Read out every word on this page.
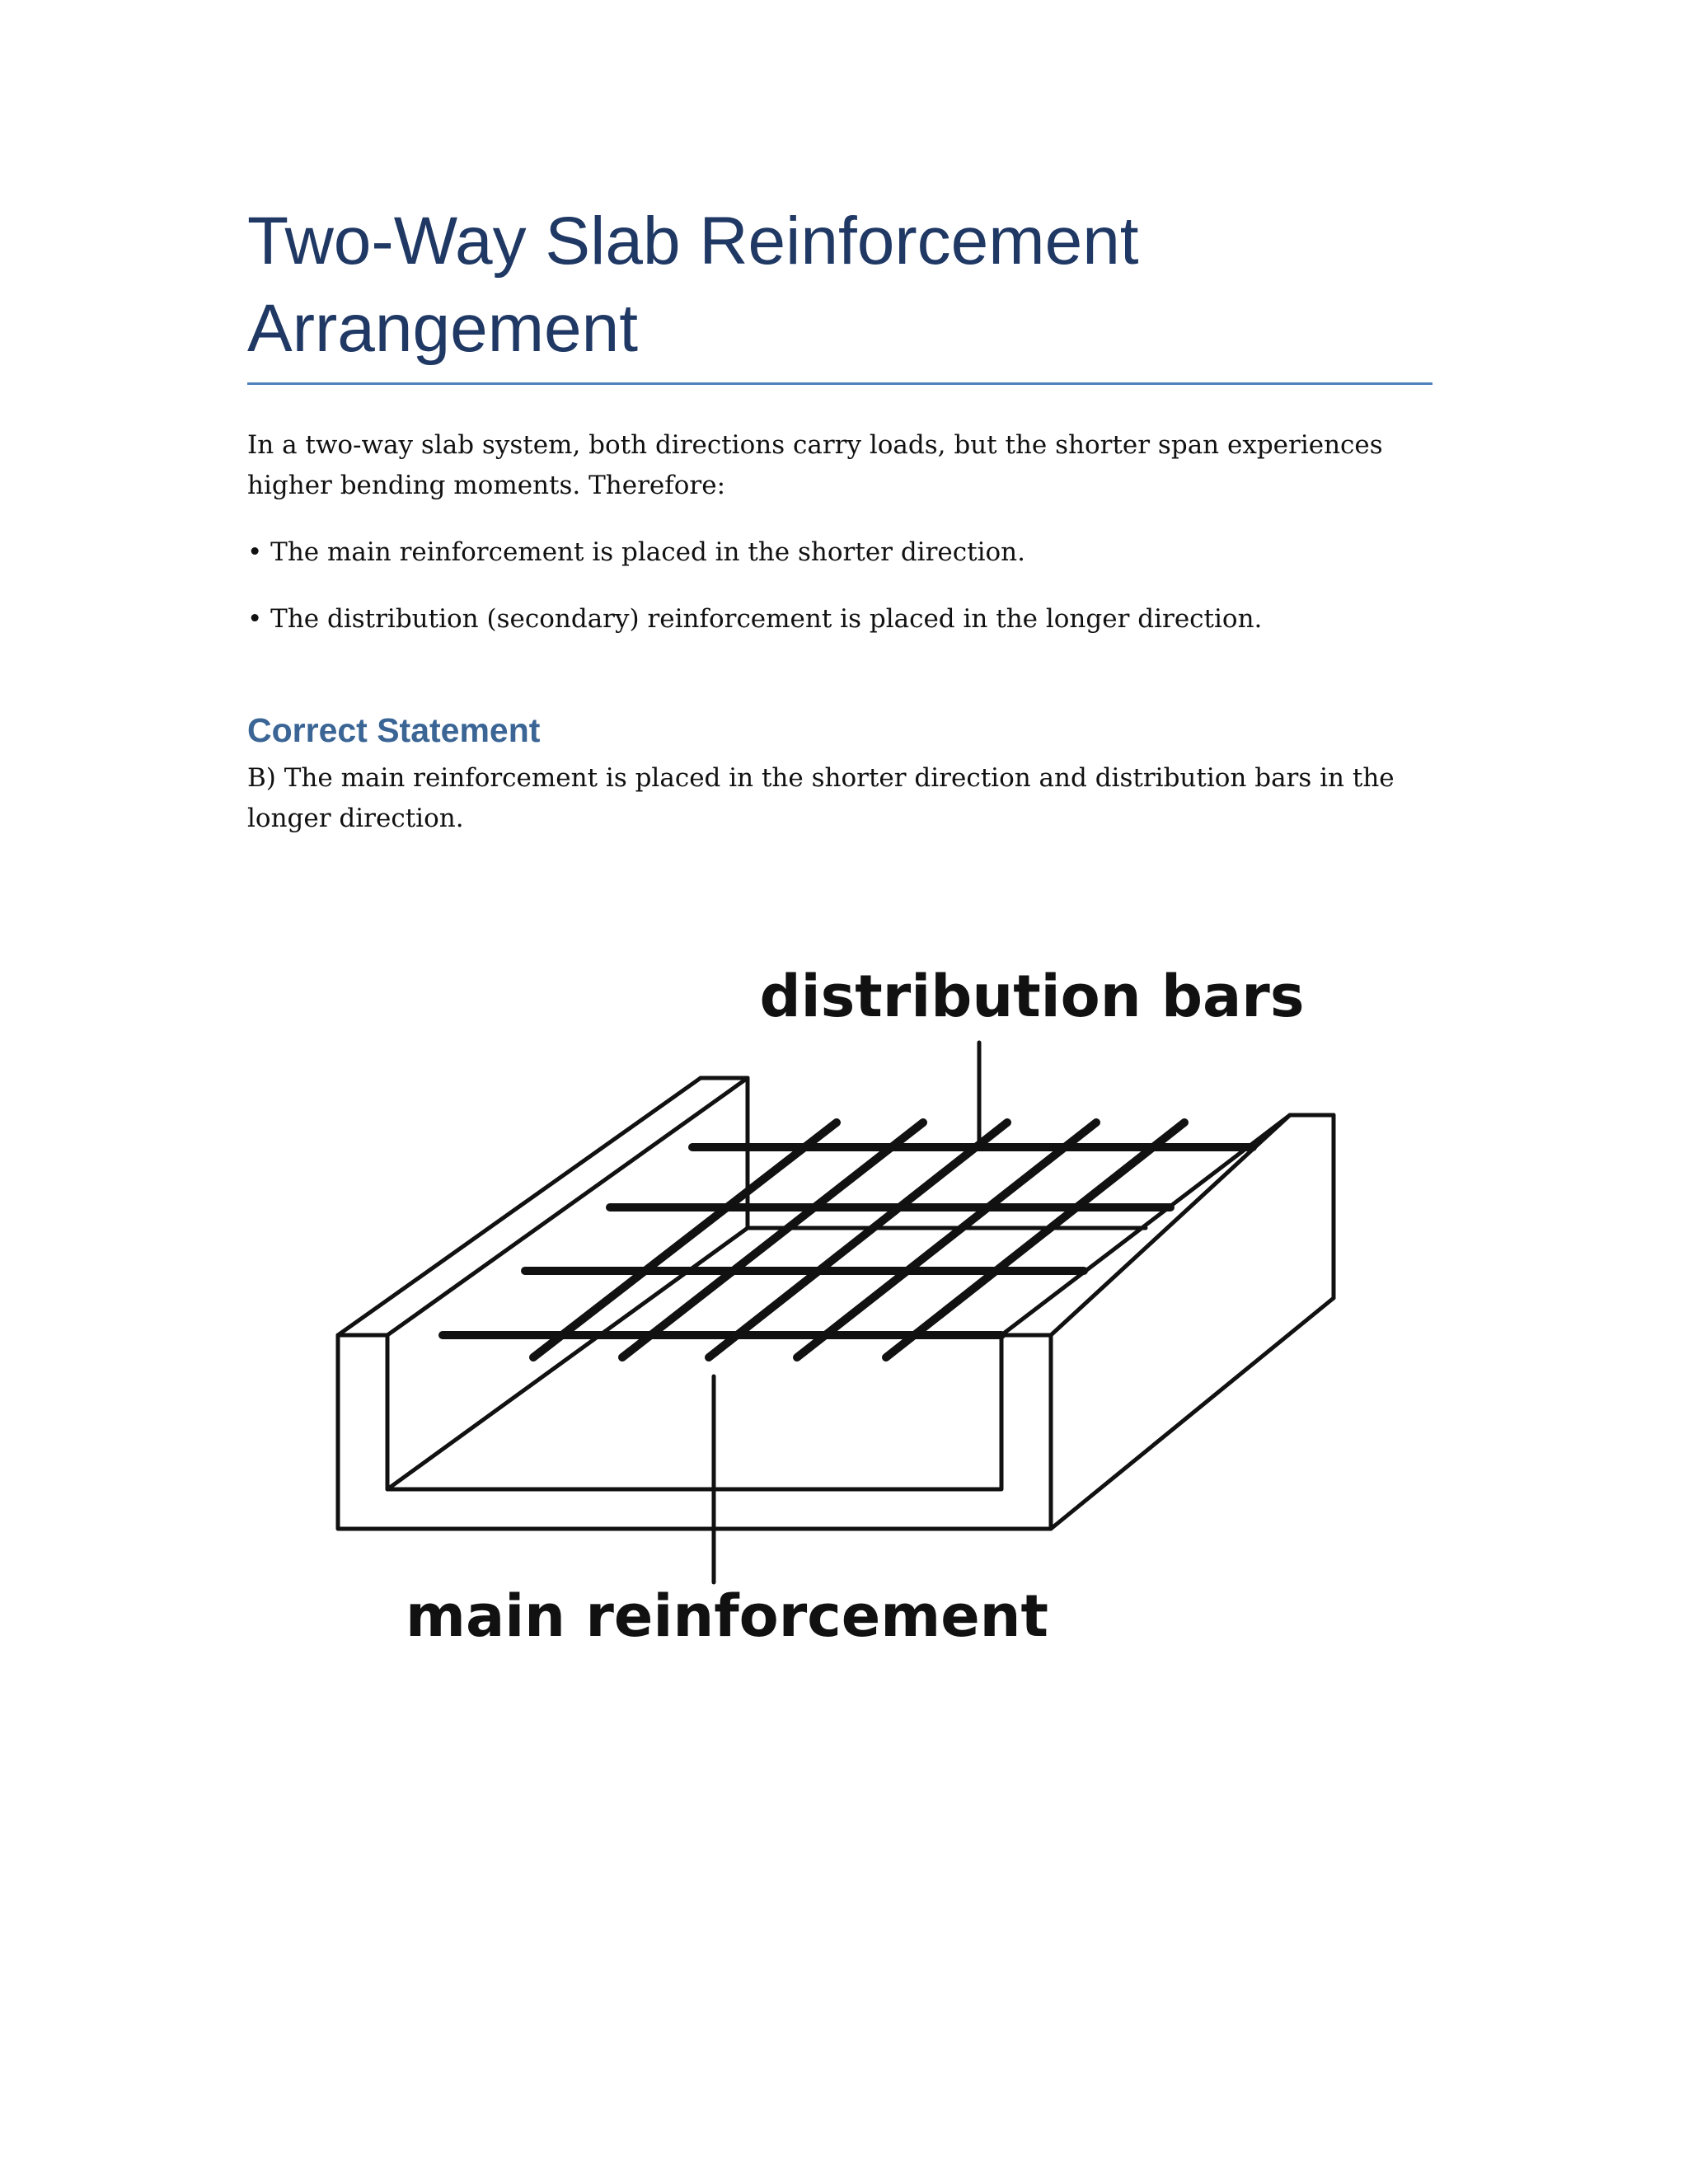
Two-Way Slab Reinforcement Arrangement

In a two-way slab system, both directions carry loads, but the shorter span experiences higher bending moments. Therefore:

• The main reinforcement is placed in the shorter direction.

• The distribution (secondary) reinforcement is placed in the longer direction.

Correct Statement

B) The main reinforcement is placed in the shorter direction and distribution bars in the longer direction.

distribution bars
main reinforcement
